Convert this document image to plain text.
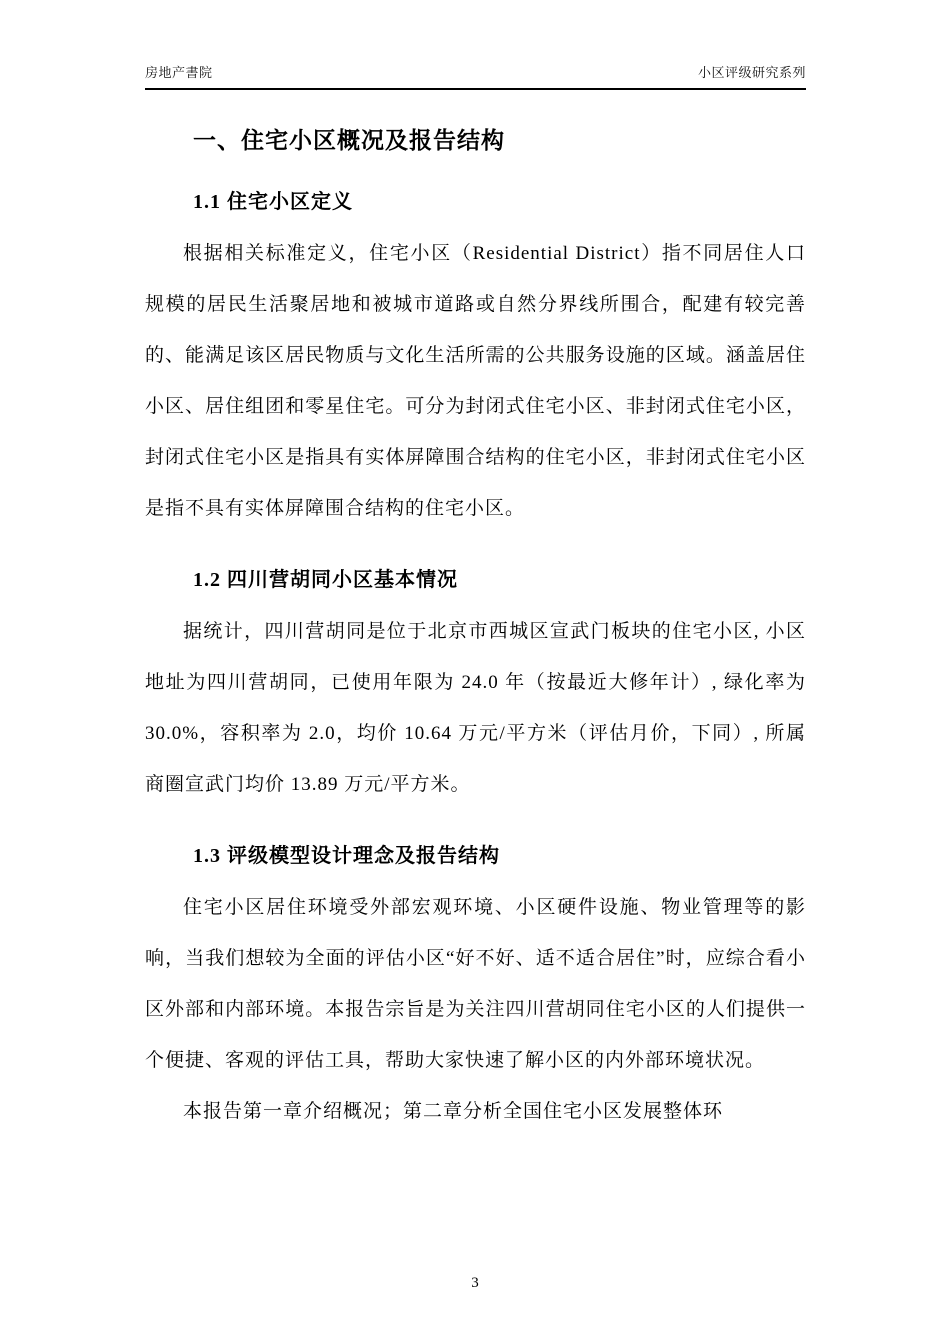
房地产書院	小区评级研究系列
一、住宅小区概况及报告结构
1.1 住宅小区定义

根据相关标准定义，住宅小区（Residential District）指不同居住人口规模的居民生活聚居地和被城市道路或自然分界线所围合，配建有较完善的、能满足该区居民物质与文化生活所需的公共服务设施的区域。涵盖居住小区、居住组团和零星住宅。可分为封闭式住宅小区、非封闭式住宅小区，封闭式住宅小区是指具有实体屏障围合结构的住宅小区，非封闭式住宅小区是指不具有实体屏障围合结构的住宅小区。

1.2 四川营胡同小区基本情况

据统计，四川营胡同是位于北京市西城区宣武门板块的住宅小区, 小区地址为四川营胡同，已使用年限为 24.0 年（按最近大修年计）, 绿化率为 30.0%，容积率为 2.0，均价 10.64 万元/平方米（评估月价，下同）, 所属商圈宣武门均价 13.89 万元/平方米。

1.3 评级模型设计理念及报告结构

住宅小区居住环境受外部宏观环境、小区硬件设施、物业管理等的影响，当我们想较为全面的评估小区“好不好、适不适合居住”时，应综合看小区外部和内部环境。本报告宗旨是为关注四川营胡同住宅小区的人们提供一个便捷、客观的评估工具，帮助大家快速了解小区的内外部环境状况。

本报告第一章介绍概况；第二章分析全国住宅小区发展整体环

3
